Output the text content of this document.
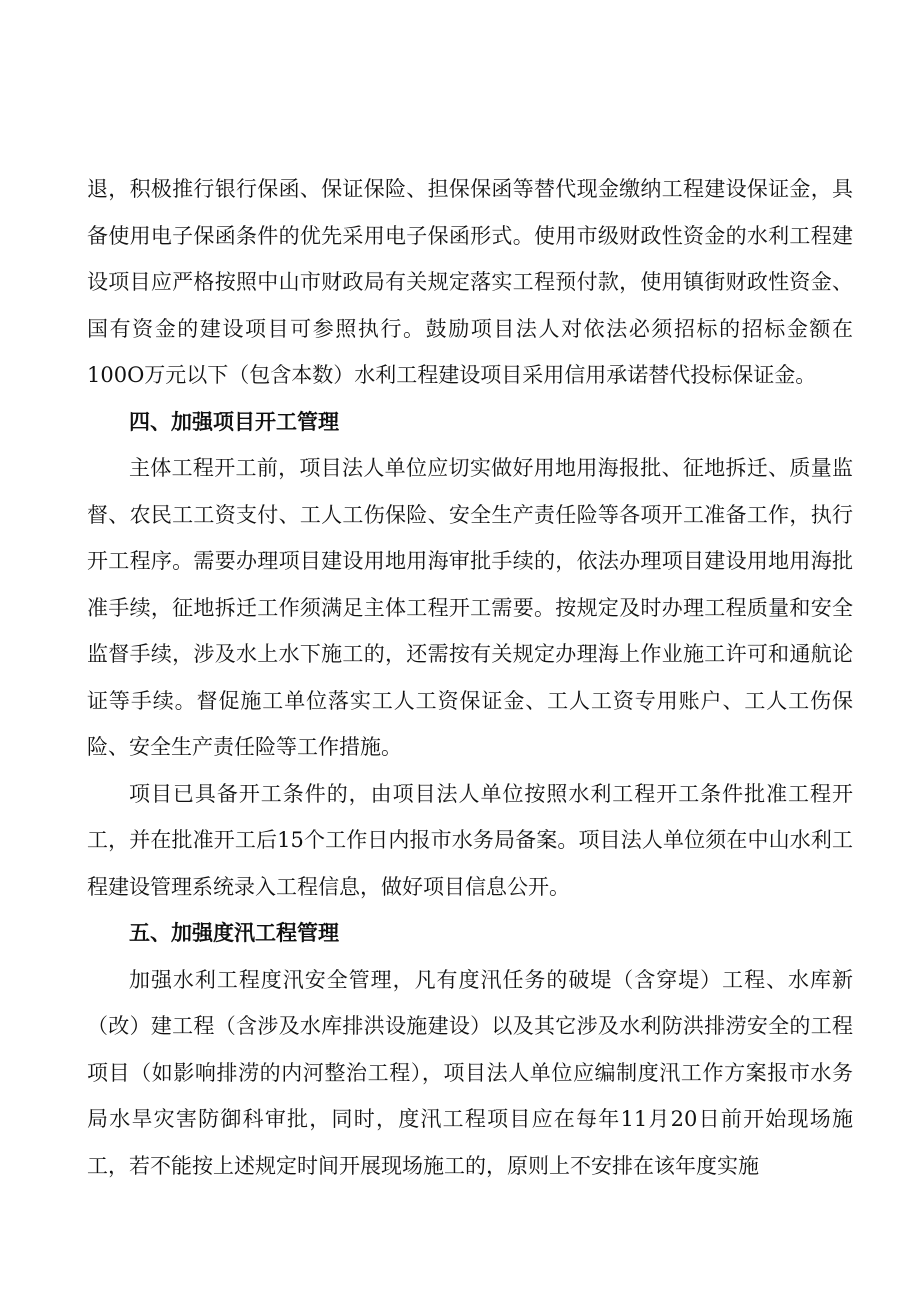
退，积极推行银行保函、保证保险、担保保函等替代现金缴纳工程建设保证金，具备使用电子保函条件的优先采用电子保函形式。使用市级财政性资金的水利工程建设项目应严格按照中山市财政局有关规定落实工程预付款，使用镇街财政性资金、国有资金的建设项目可参照执行。鼓励项目法人对依法必须招标的招标金额在100O万元以下（包含本数）水利工程建设项目采用信用承诺替代投标保证金。

四、加强项目开工管理

主体工程开工前，项目法人单位应切实做好用地用海报批、征地拆迁、质量监督、农民工工资支付、工人工伤保险、安全生产责任险等各项开工准备工作，执行开工程序。需要办理项目建设用地用海审批手续的，依法办理项目建设用地用海批准手续，征地拆迁工作须满足主体工程开工需要。按规定及时办理工程质量和安全监督手续，涉及水上水下施工的，还需按有关规定办理海上作业施工许可和通航论证等手续。督促施工单位落实工人工资保证金、工人工资专用账户、工人工伤保险、安全生产责任险等工作措施。

项目已具备开工条件的，由项目法人单位按照水利工程开工条件批准工程开工，并在批准开工后15个工作日内报市水务局备案。项目法人单位须在中山水利工程建设管理系统录入工程信息，做好项目信息公开。

五、加强度汛工程管理

加强水利工程度汛安全管理，凡有度汛任务的破堤（含穿堤）工程、水库新（改）建工程（含涉及水库排洪设施建设）以及其它涉及水利防洪排涝安全的工程项目（如影响排涝的内河整治工程），项目法人单位应编制度汛工作方案报市水务局水旱灾害防御科审批，同时，度汛工程项目应在每年11月20日前开始现场施工，若不能按上述规定时间开展现场施工的，原则上不安排在该年度实施
